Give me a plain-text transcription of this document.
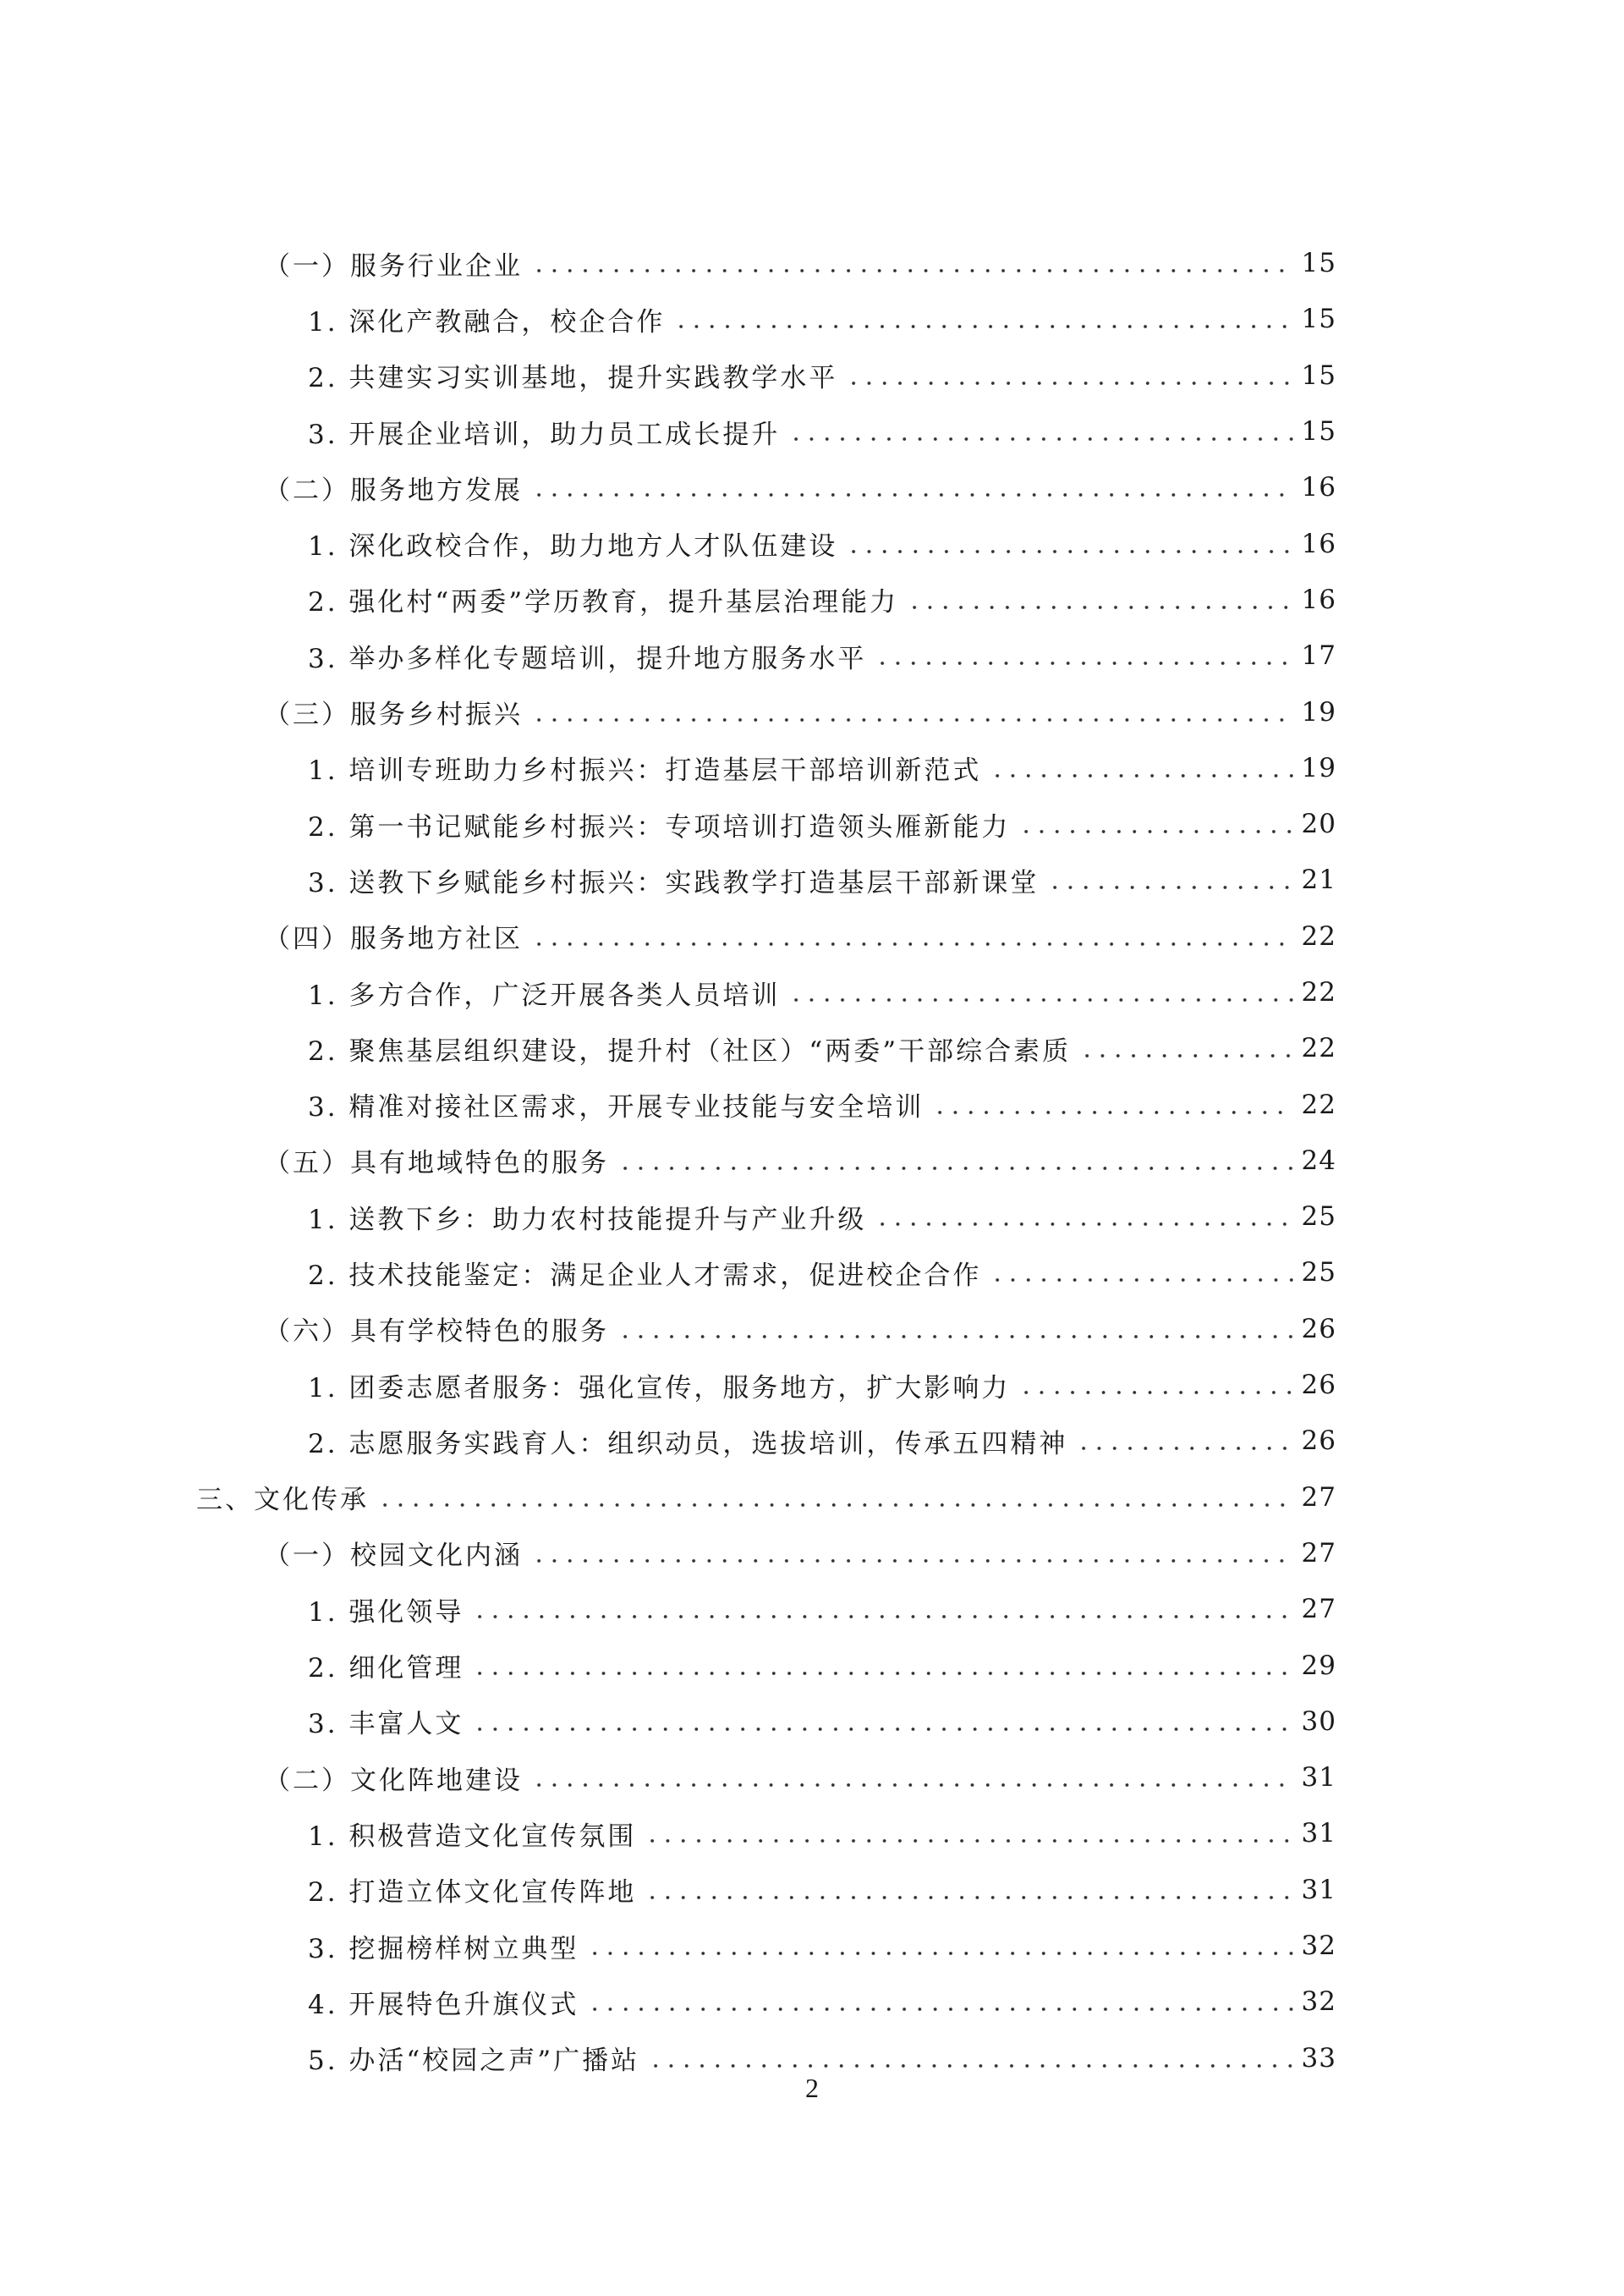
（一）服务行业企业	15
1. 深化产教融合，校企合作	15
2. 共建实习实训基地，提升实践教学水平	15
3. 开展企业培训，助力员工成长提升	15
（二）服务地方发展	16
1. 深化政校合作，助力地方人才队伍建设	16
2. 强化村“两委”学历教育，提升基层治理能力	16
3. 举办多样化专题培训，提升地方服务水平	17
（三）服务乡村振兴	19
1. 培训专班助力乡村振兴：打造基层干部培训新范式	19
2. 第一书记赋能乡村振兴：专项培训打造领头雁新能力	20
3. 送教下乡赋能乡村振兴：实践教学打造基层干部新课堂	21
（四）服务地方社区	22
1. 多方合作，广泛开展各类人员培训	22
2. 聚焦基层组织建设，提升村（社区）“两委”干部综合素质	22
3. 精准对接社区需求，开展专业技能与安全培训	22
（五）具有地域特色的服务	24
1. 送教下乡：助力农村技能提升与产业升级	25
2. 技术技能鉴定：满足企业人才需求，促进校企合作	25
（六）具有学校特色的服务	26
1. 团委志愿者服务：强化宣传，服务地方，扩大影响力	26
2. 志愿服务实践育人：组织动员，选拔培训，传承五四精神	26
三、文化传承	27
（一）校园文化内涵	27
1. 强化领导	27
2. 细化管理	29
3. 丰富人文	30
（二）文化阵地建设	31
1. 积极营造文化宣传氛围	31
2. 打造立体文化宣传阵地	31
3. 挖掘榜样树立典型	32
4. 开展特色升旗仪式	32
5. 办活“校园之声”广播站	33
2
